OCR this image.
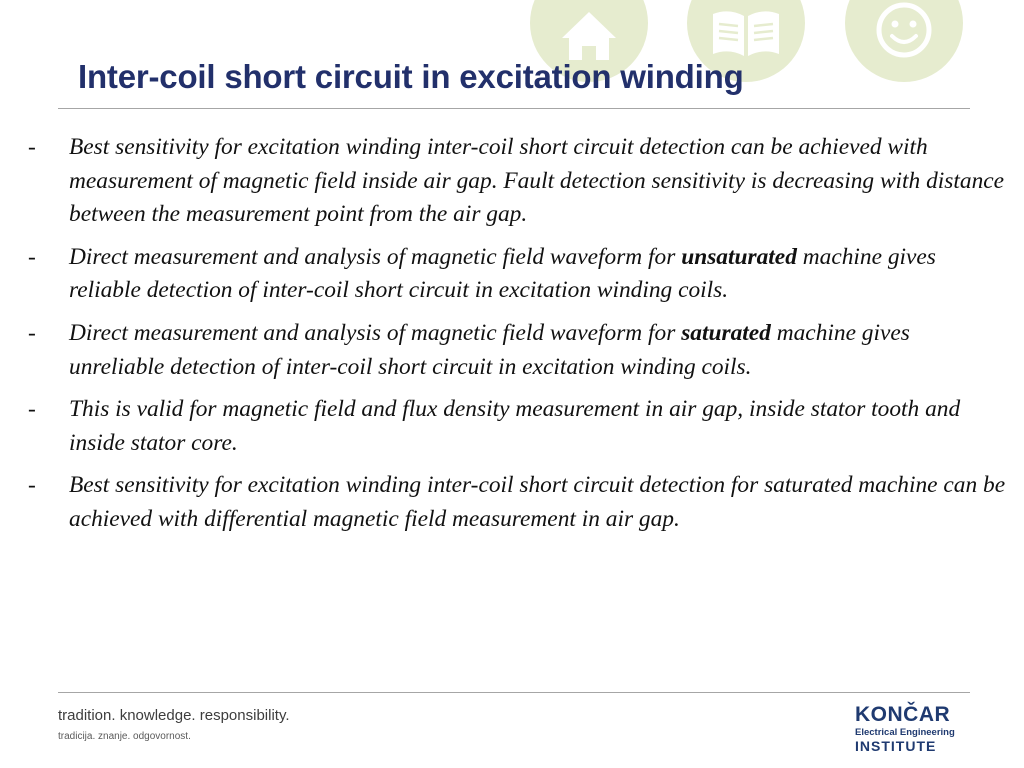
Inter-coil short circuit in excitation winding
- Best sensitivity for excitation winding inter-coil short circuit detection can be achieved with measurement of magnetic field inside air gap. Fault detection sensitivity is decreasing with distance between the measurement point from the air gap.
- Direct measurement and analysis of magnetic field waveform for unsaturated machine gives reliable detection of inter-coil short circuit in excitation winding coils.
- Direct measurement and analysis of magnetic field waveform for saturated machine gives unreliable detection of inter-coil short circuit in excitation winding coils.
- This is valid for magnetic field and flux density measurement in air gap, inside stator tooth and inside stator core.
- Best sensitivity for excitation winding inter-coil short circuit detection for saturated machine can be achieved with differential magnetic field measurement in air gap.
tradition. knowledge. responsibility.
tradicija. znanje. odgovornost.
KONČAR
Electrical Engineering
INSTITUTE
